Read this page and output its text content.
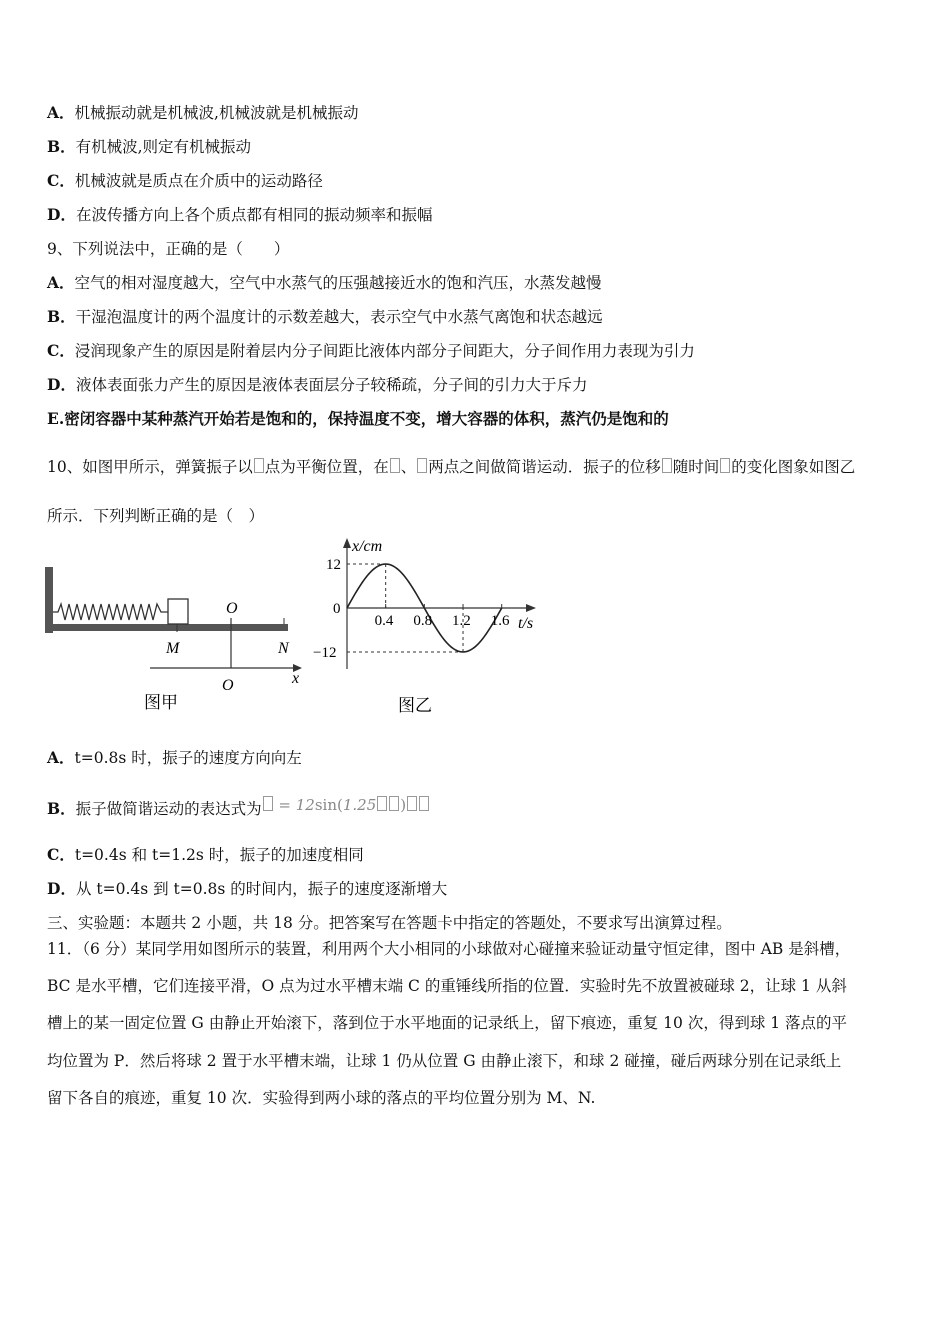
A．机械振动就是机械波,机械波就是机械振动
B．有机械波,则定有机械振动
C．机械波就是质点在介质中的运动路径
D．在波传播方向上各个质点都有相同的振动频率和振幅
9、下列说法中，正确的是（　　）
A．空气的相对湿度越大，空气中水蒸气的压强越接近水的饱和汽压，水蒸发越慢
B．干湿泡温度计的两个温度计的示数差越大，表示空气中水蒸气离饱和状态越远
C．浸润现象产生的原因是附着层内分子间距比液体内部分子间距大，分子间作用力表现为引力
D．液体表面张力产生的原因是液体表面层分子较稀疏，分子间的引力大于斥力
E.密闭容器中某种蒸汽开始若是饱和的，保持温度不变，增大容器的体积，蒸汽仍是饱和的
10、如图甲所示，弹簧振子以 点为平衡位置，在 、 两点之间做简谐运动．振子的位移 随时间 的变化图象如图乙
所示．下列判断正确的是（　）
O
M	N
O	x
图甲
x/cm
t/s
图乙
0.4 0.8 1.2 1.6
12
0
−12
A．t=0.8s 时，振子的速度方向向左
B．振子做简谐运动的表达式为 = 12sin(1.25 )
C．t=0.4s 和 t=1.2s 时，振子的加速度相同
D．从 t=0.4s 到 t=0.8s 的时间内，振子的速度逐渐增大
三、实验题：本题共 2 小题，共 18 分。把答案写在答题卡中指定的答题处，不要求写出演算过程。
11．（6 分）某同学用如图所示的装置，利用两个大小相同的小球做对心碰撞来验证动量守恒定律，图中 AB 是斜槽，
BC 是水平槽，它们连接平滑，O 点为过水平槽末端 C 的重锤线所指的位置．实验时先不放置被碰球 2，让球 1 从斜
槽上的某一固定位置 G 由静止开始滚下，落到位于水平地面的记录纸上，留下痕迹，重复 10 次，得到球 1 落点的平
均位置为 P．然后将球 2 置于水平槽末端，让球 1 仍从位置 G 由静止滚下，和球 2 碰撞，碰后两球分别在记录纸上
留下各自的痕迹，重复 10 次．实验得到两小球的落点的平均位置分别为 M、N.
